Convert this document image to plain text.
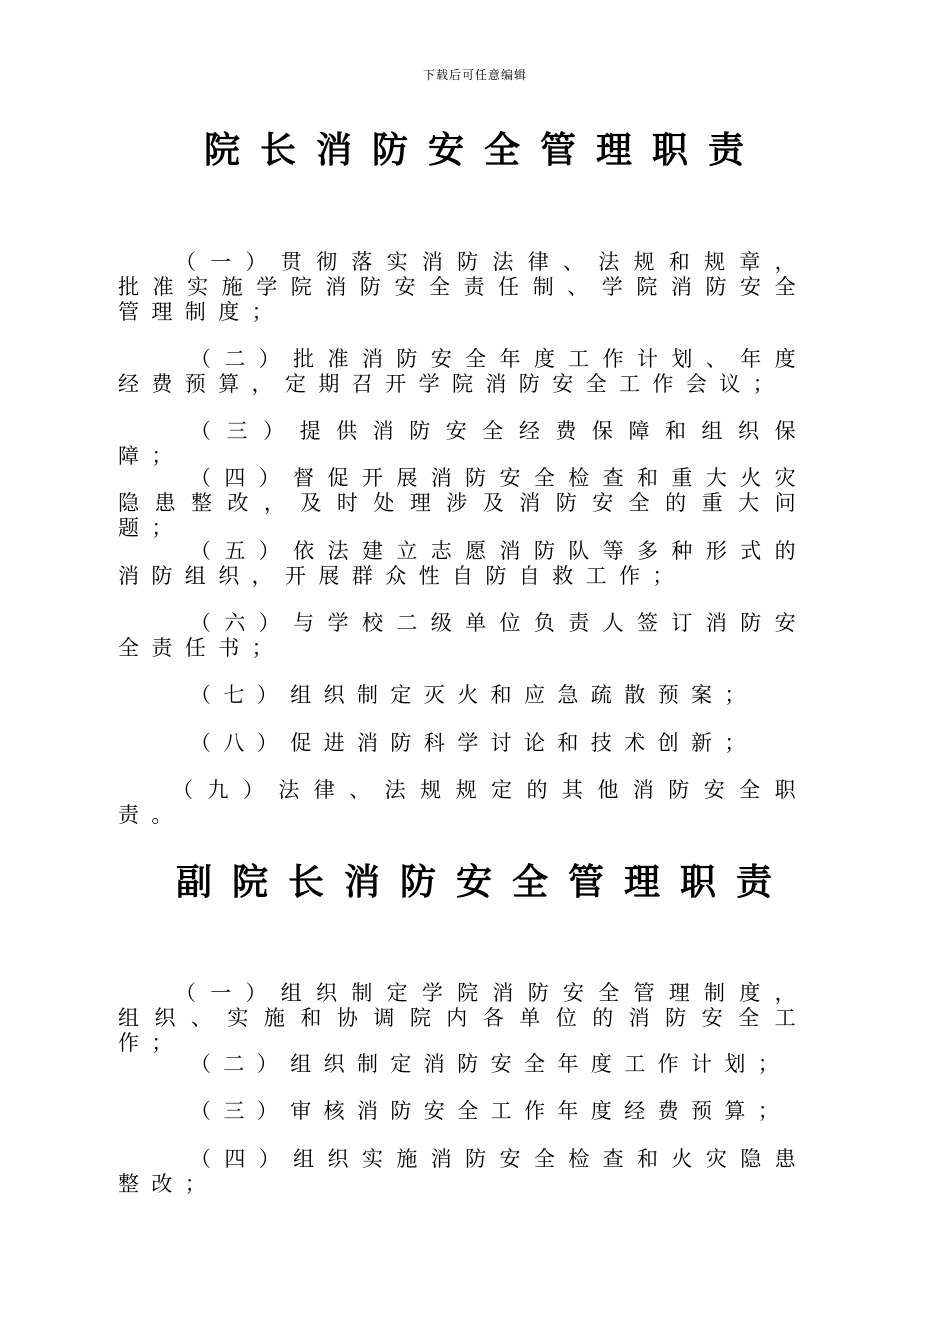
下载后可任意编辑
院长消防安全管理职责

（一）贯彻落实消防法律、法规和规章，批准实施学院消防安全责任制、学院消防安全管理制度；

（二）批准消防安全年度工作计划、年度经费预算，定期召开学院消防安全工作会议；

（三）提供消防安全经费保障和组织保障；

（四）督促开展消防安全检查和重大火灾隐患整改，及时处理涉及消防安全的重大问题；

（五）依法建立志愿消防队等多种形式的消防组织，开展群众性自防自救工作；

（六）与学校二级单位负责人签订消防安全责任书；

（七）组织制定灭火和应急疏散预案；

（八）促进消防科学讨论和技术创新；

（九）法律、法规规定的其他消防安全职责。

副院长消防安全管理职责

（一）组织制定学院消防安全管理制度，组织、实施和协调院内各单位的消防安全工作；

（二）组织制定消防安全年度工作计划；

（三）审核消防安全工作年度经费预算；

（四）组织实施消防安全检查和火灾隐患整改；
